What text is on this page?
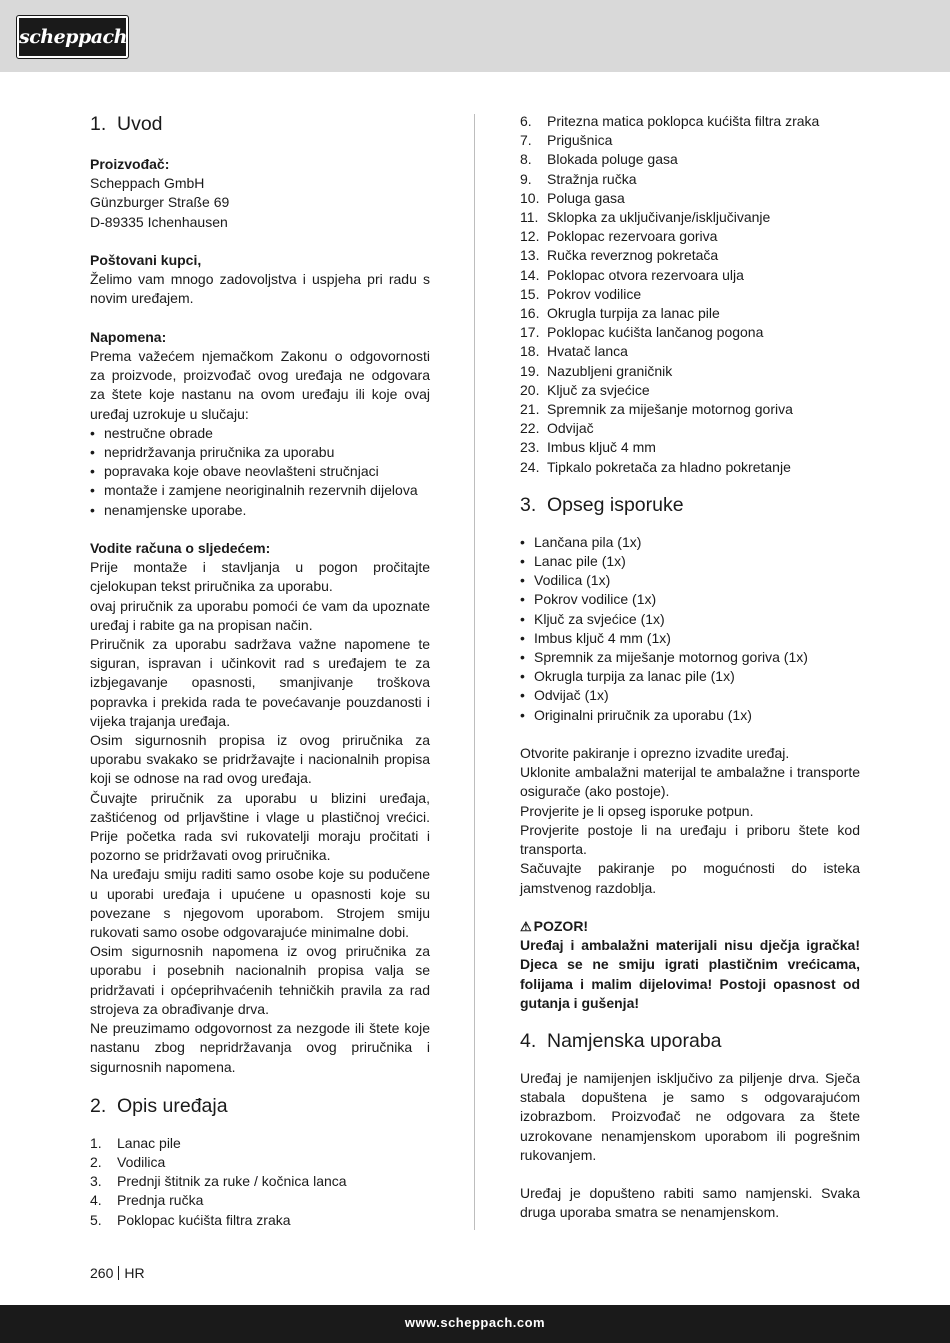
scheppach
1. Uvod

Proizvođač:

Scheppach GmbH

Günzburger Straße 69

D-89335 Ichenhausen

Poštovani kupci,

Želimo vam mnogo zadovoljstva i uspjeha pri radu s novim uređajem.

Napomena:

Prema važećem njemačkom Zakonu o odgovornosti za proizvode, proizvođač ovog uređaja ne odgovara za štete koje nastanu na ovom uređaju ili koje ovaj uređaj uzrokuje u slučaju:

• nestručne obrade
• nepridržavanja priručnika za uporabu
• popravaka koje obave neovlašteni stručnjaci
• montaže i zamjene neoriginalnih rezervnih dijelova
• nenamjenske uporabe.

Vodite računa o sljedećem:

Prije montaže i stavljanja u pogon pročitajte cjelokupan tekst priručnika za uporabu.

ovaj priručnik za uporabu pomoći će vam da upoznate uređaj i rabite ga na propisan način.

Priručnik za uporabu sadržava važne napomene te siguran, ispravan i učinkovit rad s uređajem te za izbjegavanje opasnosti, smanjivanje troškova popravka i prekida rada te povećavanje pouzdanosti i vijeka trajanja uređaja.

Osim sigurnosnih propisa iz ovog priručnika za uporabu svakako se pridržavajte i nacionalnih propisa koji se odnose na rad ovog uređaja.

Čuvajte priručnik za uporabu u blizini uređaja, zaštićenog od prljavštine i vlage u plastičnoj vrećici. Prije početka rada svi rukovatelji moraju pročitati i pozorno se pridržavati ovog priručnika.

Na uređaju smiju raditi samo osobe koje su podučene u uporabi uređaja i upućene u opasnosti koje su povezane s njegovom uporabom. Strojem smiju rukovati samo osobe odgovarajuće minimalne dobi.

Osim sigurnosnih napomena iz ovog priručnika za uporabu i posebnih nacionalnih propisa valja se pridržavati i općeprihvaćenih tehničkih pravila za rad strojeva za obrađivanje drva.

Ne preuzimamo odgovornost za nezgode ili štete koje nastanu zbog nepridržavanja ovog priručnika i sigurnosnih napomena.

2. Opis uređaja
1.	Lanac pile
2.	Vodilica
3.	Prednji štitnik za ruke / kočnica lanca
4.	Prednja ručka
5.	Poklopac kućišta filtra zraka
6.	Pritezna matica poklopca kućišta filtra zraka
7.	Prigušnica
8.	Blokada poluge gasa
9.	Stražnja ručka
10. Poluga gasa
11. Sklopka za uključivanje/isključivanje
12. Poklopac rezervoara goriva
13. Ručka reverznog pokretača
14. Poklopac otvora rezervoara ulja
15. Pokrov vodilice
16. Okrugla turpija za lanac pile
17. Poklopac kućišta lančanog pogona
18. Hvatač lanca
19. Nazubljeni graničnik
20. Ključ za svjećice
21. Spremnik za miješanje motornog goriva
22. Odvijač
23. Imbus ključ 4 mm
24. Tipkalo pokretača za hladno pokretanje
3. Opseg isporuke
• Lančana pila (1x)
• Lanac pile (1x)
• Vodilica (1x)
• Pokrov vodilice (1x)
• Ključ za svjećice (1x)
• Imbus ključ 4 mm (1x)
• Spremnik za miješanje motornog goriva (1x)
• Okrugla turpija za lanac pile (1x)
• Odvijač (1x)
• Originalni priručnik za uporabu (1x)

Otvorite pakiranje i oprezno izvadite uređaj.

Uklonite ambalažni materijal te ambalažne i transporte osigurače (ako postoje).

Provjerite je li opseg isporuke potpun.

Provjerite postoje li na uređaju i priboru štete kod transporta.

Sačuvajte pakiranje po mogućnosti do isteka jamstvenog razdoblja.

⚠ POZOR!

Uređaj i ambalažni materijali nisu dječja igračka! Djeca se ne smiju igrati plastičnim vrećicama, folijama i malim dijelovima! Postoji opasnost od gutanja i gušenja!

4. Namjenska uporaba

Uređaj je namijenjen isključivo za piljenje drva. Sječa stabala dopuštena je samo s odgovarajućom izobrazbom. Proizvođač ne odgovara za štete uzrokovane nenamjenskom uporabom ili pogrešnim rukovanjem.

Uređaj je dopušteno rabiti samo namjenski. Svaka druga uporaba smatra se nenamjenskom.

260 HR
www.scheppach.com
